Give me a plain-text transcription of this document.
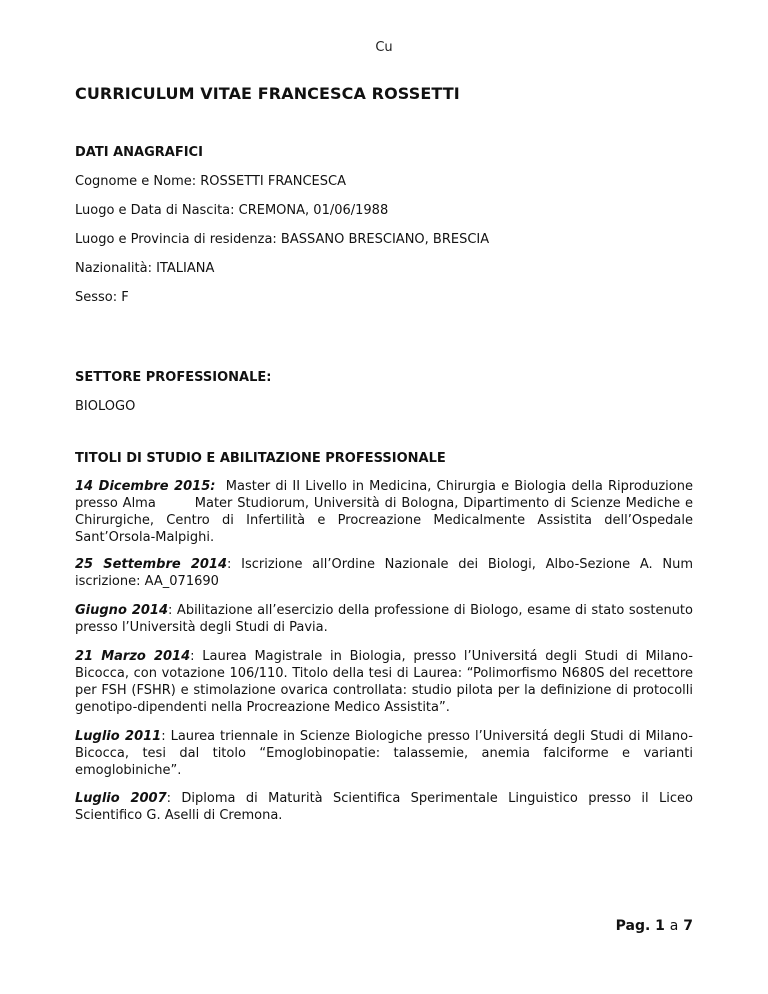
Cu
CURRICULUM VITAE FRANCESCA ROSSETTI
DATI ANAGRAFICI
Cognome e Nome: ROSSETTI FRANCESCA
Luogo e Data di Nascita: CREMONA, 01/06/1988
Luogo e Provincia di residenza: BASSANO BRESCIANO, BRESCIA
Nazionalità: ITALIANA
Sesso: F
SETTORE PROFESSIONALE:
BIOLOGO
TITOLI DI STUDIO E ABILITAZIONE PROFESSIONALE
14 Dicembre 2015:  Master di II Livello in Medicina, Chirurgia e Biologia della Riproduzione presso Alma        Mater Studiorum, Università di Bologna, Dipartimento di Scienze Mediche e Chirurgiche, Centro di Infertilità e Procreazione Medicalmente Assistita dell’Ospedale Sant’Orsola-Malpighi.
25 Settembre 2014: Iscrizione all’Ordine Nazionale dei Biologi, Albo-Sezione A. Num iscrizione: AA_071690
Giugno 2014: Abilitazione all’esercizio della professione di Biologo, esame di stato sostenuto presso l’Università degli Studi di Pavia.
21 Marzo 2014: Laurea Magistrale in Biologia, presso l’Universitá degli Studi di Milano-Bicocca, con votazione 106/110. Titolo della tesi di Laurea: “Polimorfismo N680S del recettore per FSH (FSHR) e stimolazione ovarica controllata: studio pilota per la definizione di protocolli genotipo-dipendenti nella Procreazione Medico Assistita”.
Luglio 2011: Laurea triennale in Scienze Biologiche presso l’Universitá degli Studi di Milano-Bicocca, tesi dal titolo “Emoglobinopatie: talassemie, anemia falciforme e varianti emoglobiniche”.
Luglio 2007: Diploma di Maturità Scientifica Sperimentale Linguistico presso il Liceo Scientifico G. Aselli di Cremona.
Pag. 1 a 7
